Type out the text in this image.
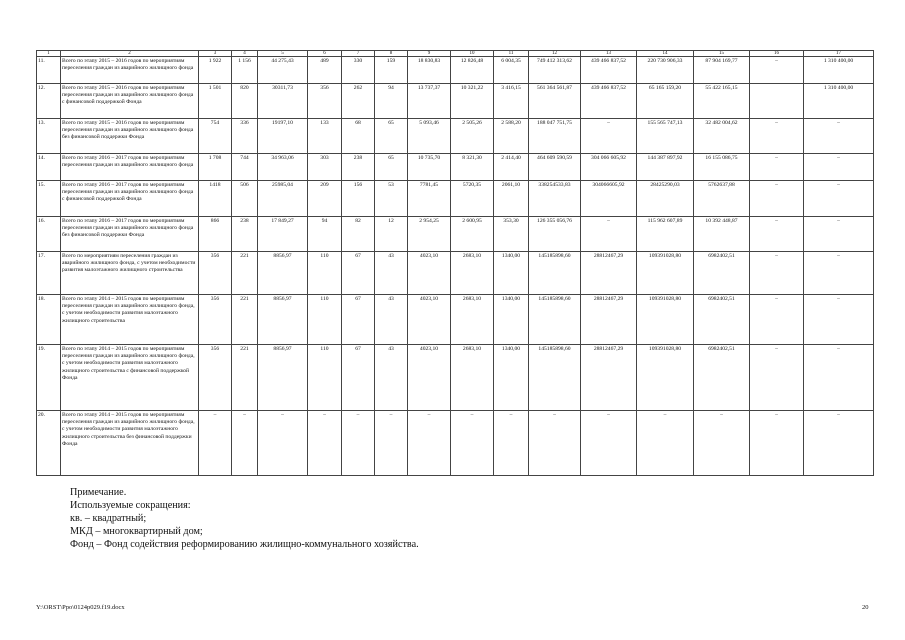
1	2	3	4	5	6	7	8	9	10	11	12	13	14	15	16	17
11.	Всего по этапу 2015 – 2016 годов по мероприятиям переселения граждан из аварийного жилищного фонда	1 922	1 156	44 275,43	489	330	159	18 830,83	12 826,48	6 004,35	749 412 313,62	439 466 837,52	220 730 906,33	87 904 169,77	–	1 310 400,00
12.	Всего по этапу 2015 – 2016 годов по мероприятиям переселения граждан из аварийного жилищного фонда с финансовой поддержкой Фонда	1 501	820	30311,73	356	262	94	13 737,37	10 321,22	3 416,15	561 364 561,87	439 466 837,52	65 165 159,20	55 422 165,15		1 310 400,00
13.	Всего по этапу 2015 – 2016 годов по мероприятиям переселения граждан из аварийного жилищного фонда без финансовой поддержки Фонда	754	336	19197,10	133	68	65	5 093,46	2 505,26	2 588,20	188 047 751,75	–	155 565 747,13	32 482 004,62	–	–
14.	Всего по этапу 2016 – 2017 годов по мероприятиям переселения граждан из аварийного жилищного фонда	1 708	744	34 963,06	303	238	65	10 735,70	8 321,30	2 414,40	464 609 590,59	304 066 605,92	144 387 897,92	16 155 086,75	–	–
15.	Всего по этапу 2016 – 2017 годов по мероприятиям переселения граждан из аварийного жилищного фонда с финансовой поддержкой Фонда	1418	506	25985,04	209	156	53	7781,45	5720,35	2061,10	338254533,83	304066605,92	28425290,03	5762637,88	–	–
16.	Всего по этапу 2016 – 2017 годов по мероприятиям переселения граждан из аварийного жилищного фонда без финансовой поддержки Фонда	866	238	17 849,27	94	82	12	2 954,25	2 600,95	353,30	126 355 056,76	–	115 962 607,89	10 392 448,87	–	–
17.	Всего по мероприятиям переселения граждан из аварийного жилищного фонда, с учетом необходимости развития малоэтажного жилищного строительства	356	221	8856,97	110	67	43	4023,10	2683,10	1340,00	145185898,60	28812467,29	109391028,80	6982402,51	–	–
18.	Всего по этапу 2014 – 2015 годов по мероприятиям переселения граждан из аварийного жилищного фонда, с учетом необходимости развития малоэтажного жилищного строительства	356	221	8856,97	110	67	43	4023,10	2683,10	1340,00	145185898,60	28812467,29	109391028,80	6982402,51	–	–
19.	Всего по этапу 2014 – 2015 годов по мероприятиям переселения граждан из аварийного жилищного фонда, с учетом необходимости развития малоэтажного жилищного строительства с финансовой поддержкой Фонда	356	221	8856,97	110	67	43	4023,10	2683,10	1340,00	145185898,60	28812467,29	109391028,80	6982402,51	–	–
20.	Всего по этапу 2014 – 2015 годов по мероприятиям переселения граждан из аварийного жилищного фонда, с учетом необходимости развития малоэтажного жилищного строительства без финансовой поддержки Фонда	–	–	–	–	–	–	–	–	–	–	–	–	–	–	–
Примечание.
Используемые сокращения:
кв. – квадратный;
МКД – многоквартирный дом;
Фонд – Фонд содействия реформированию жилищно-коммунального хозяйства.
Y:\ORST\Ppo\0124p029.f19.docx	20
